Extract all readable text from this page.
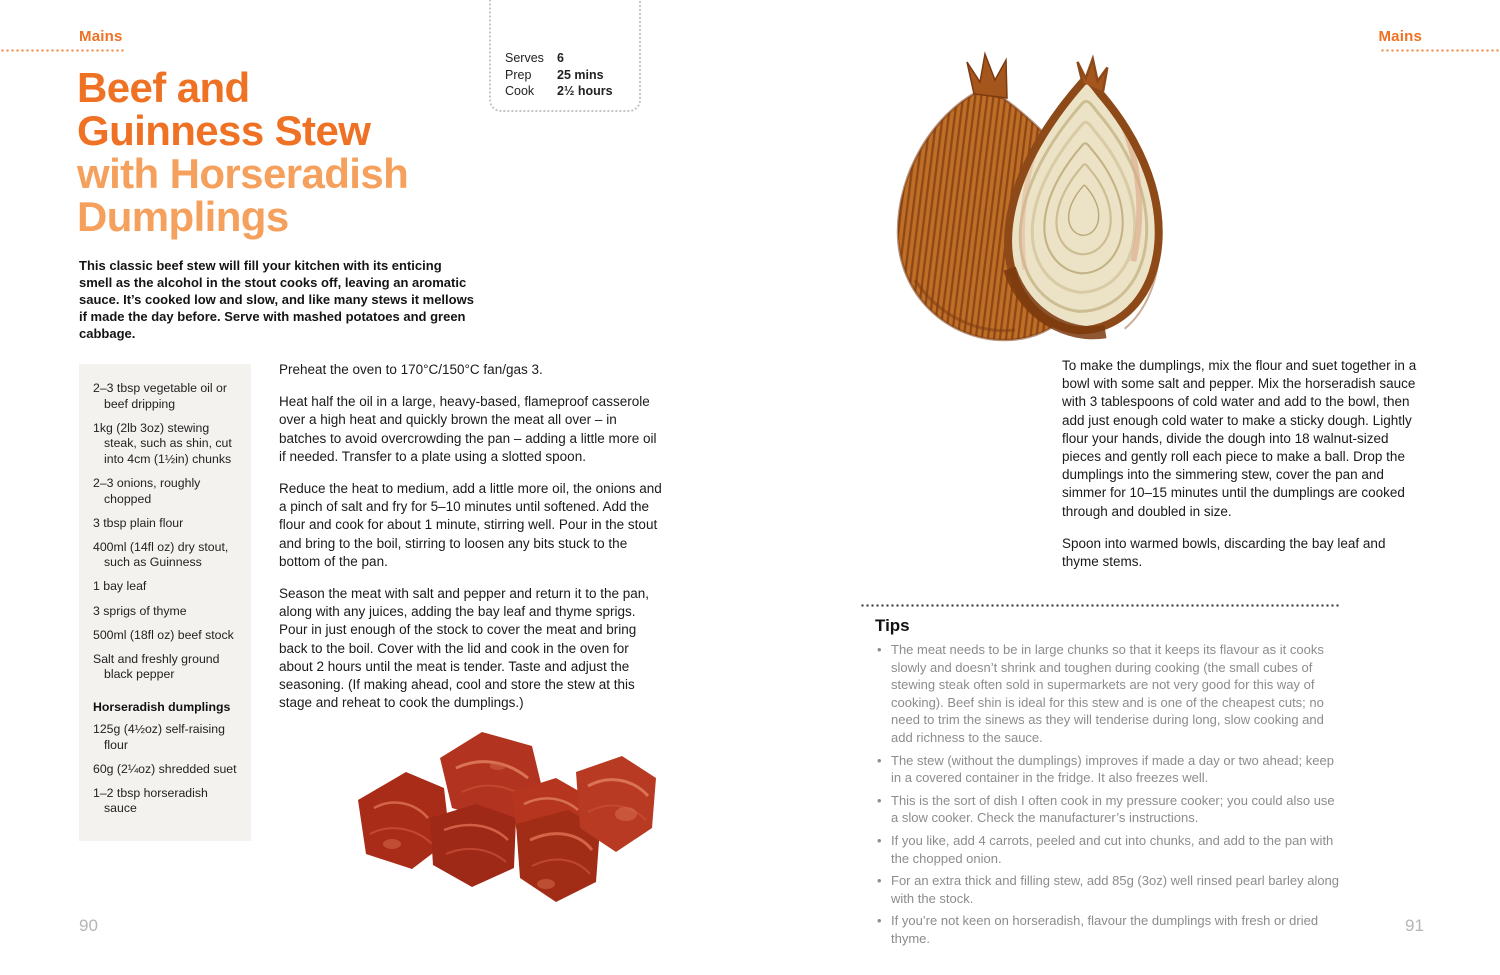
Mains	Mains
Serves	6
Prep	25 mins
Cook	2½ hours
Beef and
Guinness Stew
with Horseradish
Dumplings

This classic beef stew will fill your kitchen with its enticing smell as the alcohol in the stout cooks off, leaving an aromatic sauce. It’s cooked low and slow, and like many stews it mellows if made the day before. Serve with mashed potatoes and green cabbage.

2–3 tbsp vegetable oil or beef dripping
1kg (2lb 3oz) stewing steak, such as shin, cut into 4cm (1½in) chunks
2–3 onions, roughly chopped
3 tbsp plain flour
400ml (14fl oz) dry stout, such as Guinness
1 bay leaf
3 sprigs of thyme
500ml (18fl oz) beef stock
Salt and freshly ground black pepper
Horseradish dumplings
125g (4½oz) self-raising flour
60g (2¼oz) shredded suet
1–2 tbsp horseradish sauce

Preheat the oven to 170°C/150°C fan/gas 3.

Heat half the oil in a large, heavy-based, flameproof casserole over a high heat and quickly brown the meat all over – in batches to avoid overcrowding the pan – adding a little more oil if needed. Transfer to a plate using a slotted spoon.

Reduce the heat to medium, add a little more oil, the onions and a pinch of salt and fry for 5–10 minutes until softened. Add the flour and cook for about 1 minute, stirring well. Pour in the stout and bring to the boil, stirring to loosen any bits stuck to the bottom of the pan.

Season the meat with salt and pepper and return it to the pan, along with any juices, adding the bay leaf and thyme sprigs. Pour in just enough of the stock to cover the meat and bring back to the boil. Cover with the lid and cook in the oven for about 2 hours until the meat is tender. Taste and adjust the seasoning. (If making ahead, cool and store the stew at this stage and reheat to cook the dumplings.)

To make the dumplings, mix the flour and suet together in a bowl with some salt and pepper. Mix the horseradish sauce with 3 tablespoons of cold water and add to the bowl, then add just enough cold water to make a sticky dough. Lightly flour your hands, divide the dough into 18 walnut-sized pieces and gently roll each piece to make a ball. Drop the dumplings into the simmering stew, cover the pan and simmer for 10–15 minutes until the dumplings are cooked through and doubled in size.

Spoon into warmed bowls, discarding the bay leaf and thyme stems.

Tips
• The meat needs to be in large chunks so that it keeps its flavour as it cooks slowly and doesn’t shrink and toughen during cooking (the small cubes of stewing steak often sold in supermarkets are not very good for this way of cooking). Beef shin is ideal for this stew and is one of the cheapest cuts; no need to trim the sinews as they will tenderise during long, slow cooking and add richness to the sauce.
• The stew (without the dumplings) improves if made a day or two ahead; keep in a covered container in the fridge. It also freezes well.
• This is the sort of dish I often cook in my pressure cooker; you could also use a slow cooker. Check the manufacturer’s instructions.
• If you like, add 4 carrots, peeled and cut into chunks, and add to the pan with the chopped onion.
• For an extra thick and filling stew, add 85g (3oz) well rinsed pearl barley along with the stock.
• If you’re not keen on horseradish, flavour the dumplings with fresh or dried thyme.
90	91
